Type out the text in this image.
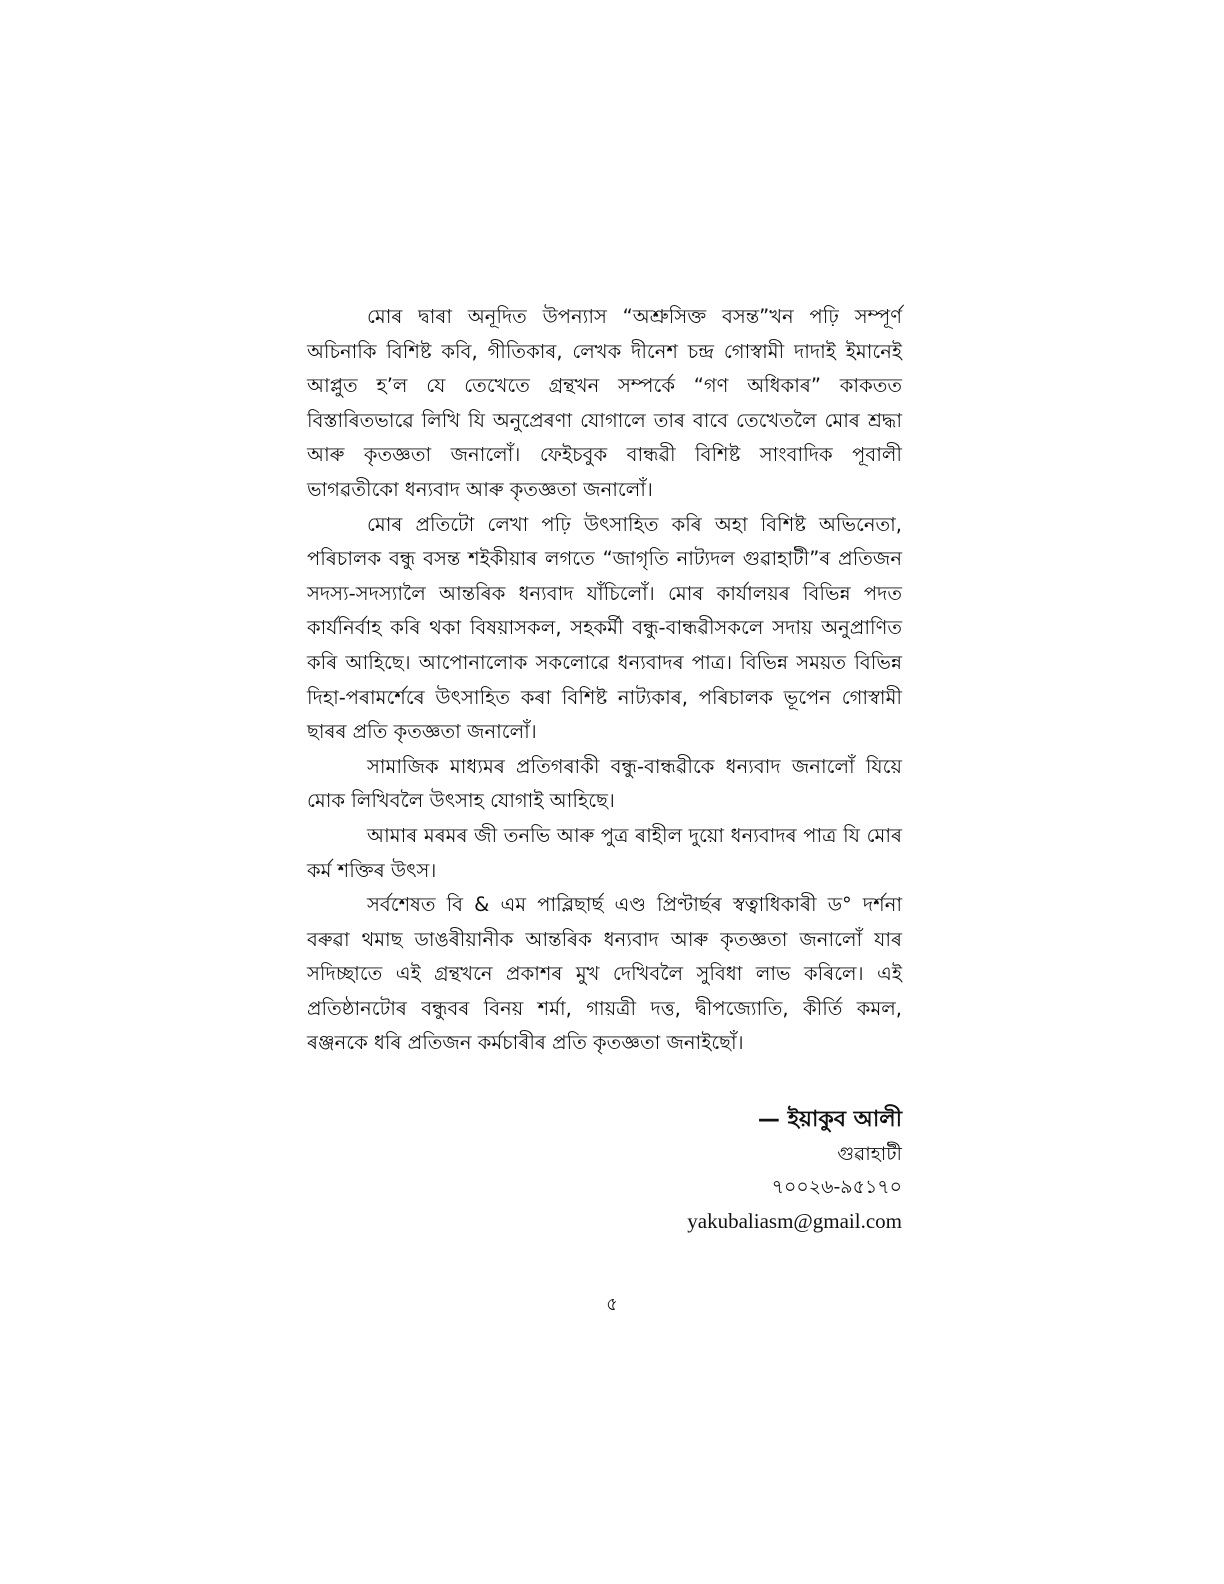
মোৰ দ্বাৰা অনূদিত উপন্যাস “অশ্ৰুসিক্ত বসন্ত”খন পঢ়ি সম্পূৰ্ণ অচিনাকি বিশিষ্ট কবি, গীতিকাৰ, লেখক দীনেশ চন্দ্ৰ গোস্বামী দাদাই ইমানেই আপ্লুত হ’ল যে তেখেতে গ্ৰন্থখন সম্পৰ্কে “গণ অধিকাৰ” কাকতত বিস্তাৰিতভাৱে লিখি যি অনুপ্ৰেৰণা যোগালে তাৰ বাবে তেখেতলৈ মোৰ শ্ৰদ্ধা আৰু কৃতজ্ঞতা জনালোঁ। ফেইচবুক বান্ধৱী বিশিষ্ট সাংবাদিক পূবালী ভাগৱতীকো ধন্যবাদ আৰু কৃতজ্ঞতা জনালোঁ।

মোৰ প্ৰতিটো লেখা পঢ়ি উৎসাহিত কৰি অহা বিশিষ্ট অভিনেতা, পৰিচালক বন্ধু বসন্ত শইকীয়াৰ লগতে “জাগৃতি নাট্যদল গুৱাহাটী”ৰ প্ৰতিজন সদস্য-সদস্যালৈ আন্তৰিক ধন্যবাদ যাঁচিলোঁ। মোৰ কাৰ্যালয়ৰ বিভিন্ন পদত কাৰ্যনিৰ্বাহ কৰি থকা বিষয়াসকল, সহকৰ্মী বন্ধু-বান্ধৱীসকলে সদায় অনুপ্ৰাণিত কৰি আহিছে। আপোনালোক সকলোৱে ধন্যবাদৰ পাত্ৰ। বিভিন্ন সময়ত বিভিন্ন দিহা-পৰামৰ্শেৰে উৎসাহিত কৰা বিশিষ্ট নাট্যকাৰ, পৰিচালক ভূপেন গোস্বামী ছাৰৰ প্ৰতি কৃতজ্ঞতা জনালোঁ।

সামাজিক মাধ্যমৰ প্ৰতিগৰাকী বন্ধু-বান্ধৱীকে ধন্যবাদ জনালোঁ যিয়ে মোক লিখিবলৈ উৎসাহ যোগাই আহিছে।

আমাৰ মৰমৰ জী তনভি আৰু পুত্ৰ ৰাহীল দুয়ো ধন্যবাদৰ পাত্ৰ যি মোৰ কৰ্ম শক্তিৰ উৎস।

সৰ্বশেষত বি & এম পাব্লিছাৰ্ছ এণ্ড প্ৰিণ্টাৰ্ছৰ স্বত্বাধিকাৰী ড° দৰ্শনা বৰুৱা থমাছ ডাঙৰীয়ানীক আন্তৰিক ধন্যবাদ আৰু কৃতজ্ঞতা জনালোঁ যাৰ সদিচ্ছাতে এই গ্ৰন্থখনে প্ৰকাশৰ মুখ দেখিবলৈ সুবিধা লাভ কৰিলে। এই প্ৰতিষ্ঠানটোৰ বন্ধুবৰ বিনয় শৰ্মা, গায়ত্ৰী দত্ত, দ্বীপজ্যোতি, কীৰ্তি কমল, ৰঞ্জনকে ধৰি প্ৰতিজন কৰ্মচাৰীৰ প্ৰতি কৃতজ্ঞতা জনাইছোঁ।

— ইয়াকুব আলী
গুৱাহাটী
৭০০২৬-৯৫১৭০
yakubaliasm@gmail.com
৫
